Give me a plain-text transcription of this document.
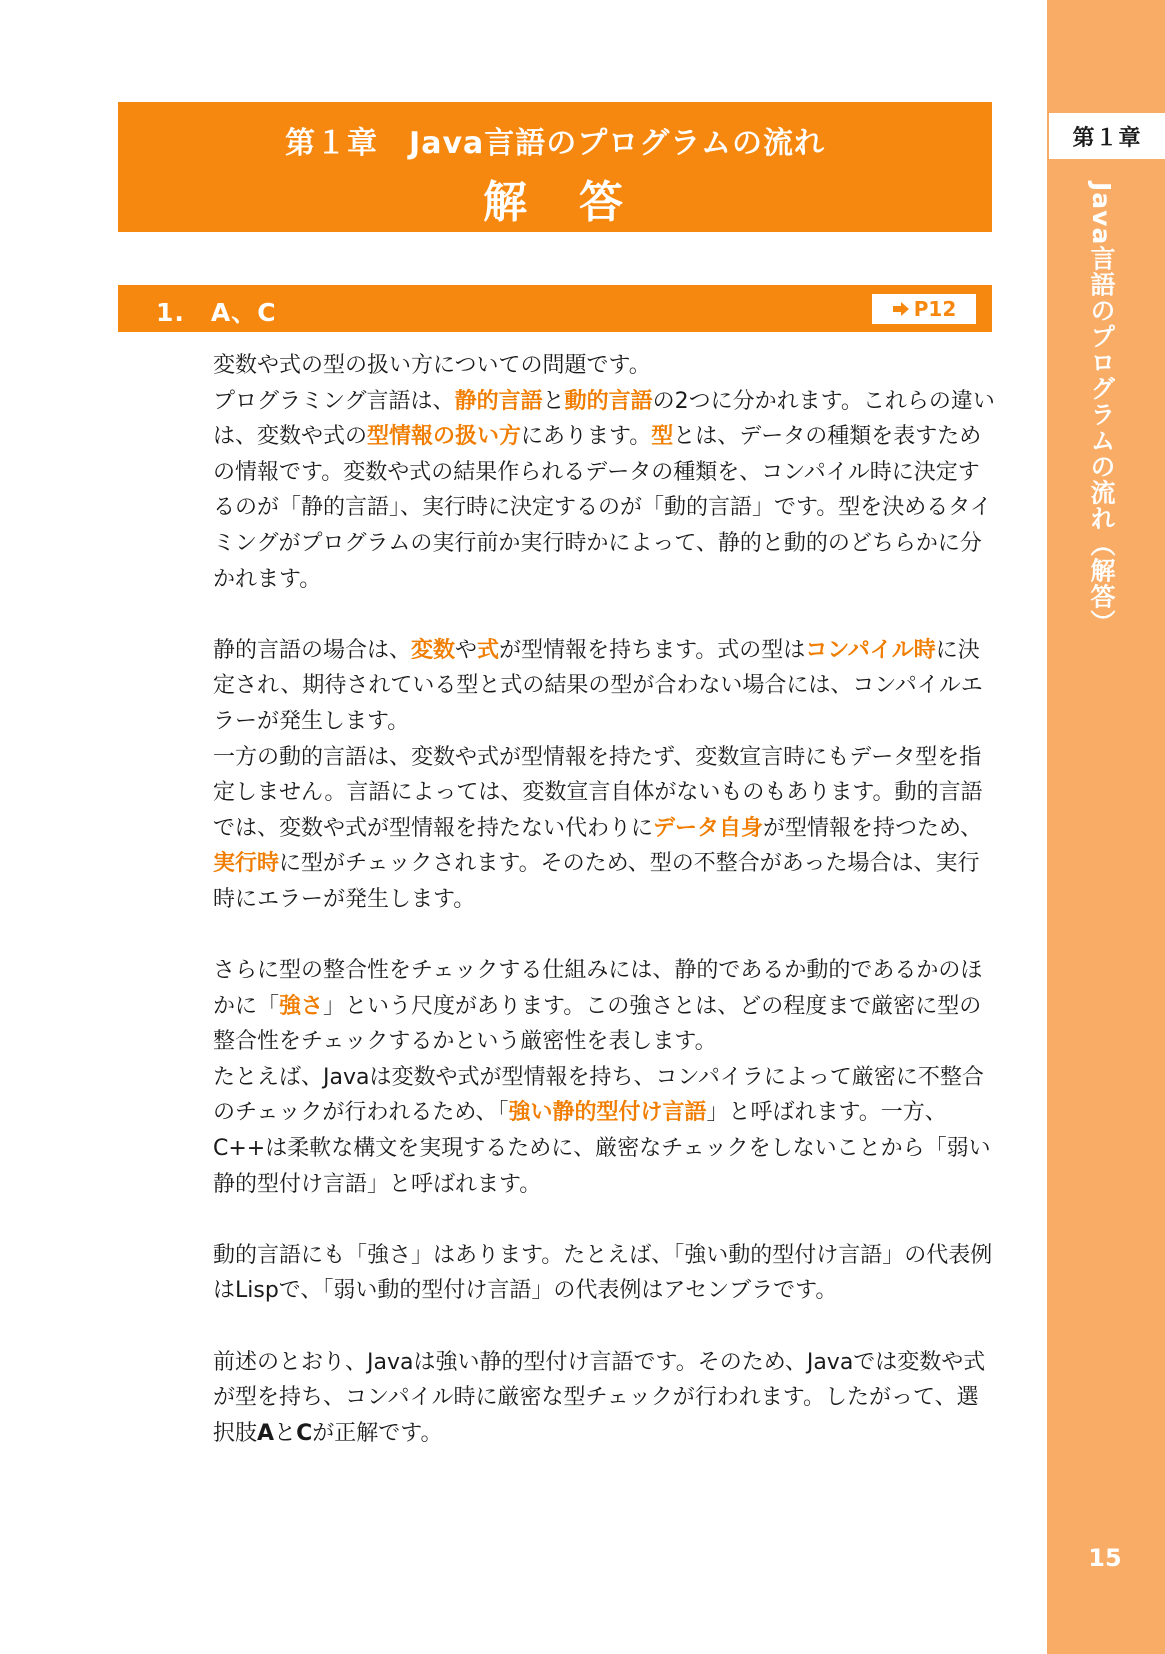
第１章
Java言語のプログラムの流れ（解答）
15
第１章　Java言語のプログラムの流れ
解　答
1.　A、C	P12

変数や式の型の扱い方についての問題です。

プログラミング言語は、静的言語と動的言語の2つに分かれます。これらの違いは、変数や式の型情報の扱い方にあります。型とは、データの種類を表すための情報です。変数や式の結果作られるデータの種類を、コンパイル時に決定するのが「静的言語」、実行時に決定するのが「動的言語」です。型を決めるタイミングがプログラムの実行前か実行時かによって、静的と動的のどちらかに分かれます。

静的言語の場合は、変数や式が型情報を持ちます。式の型はコンパイル時に決定され、期待されている型と式の結果の型が合わない場合には、コンパイルエラーが発生します。

一方の動的言語は、変数や式が型情報を持たず、変数宣言時にもデータ型を指定しません。言語によっては、変数宣言自体がないものもあります。動的言語では、変数や式が型情報を持たない代わりにデータ自身が型情報を持つため、実行時に型がチェックされます。そのため、型の不整合があった場合は、実行時にエラーが発生します。

さらに型の整合性をチェックする仕組みには、静的であるか動的であるかのほかに「強さ」という尺度があります。この強さとは、どの程度まで厳密に型の整合性をチェックするかという厳密性を表します。

たとえば、Javaは変数や式が型情報を持ち、コンパイラによって厳密に不整合のチェックが行われるため、「強い静的型付け言語」と呼ばれます。一方、C++は柔軟な構文を実現するために、厳密なチェックをしないことから「弱い静的型付け言語」と呼ばれます。

動的言語にも「強さ」はあります。たとえば、「強い動的型付け言語」の代表例はLispで、「弱い動的型付け言語」の代表例はアセンブラです。

前述のとおり、Javaは強い静的型付け言語です。そのため、Javaでは変数や式が型を持ち、コンパイル時に厳密な型チェックが行われます。したがって、選択肢AとCが正解です。
